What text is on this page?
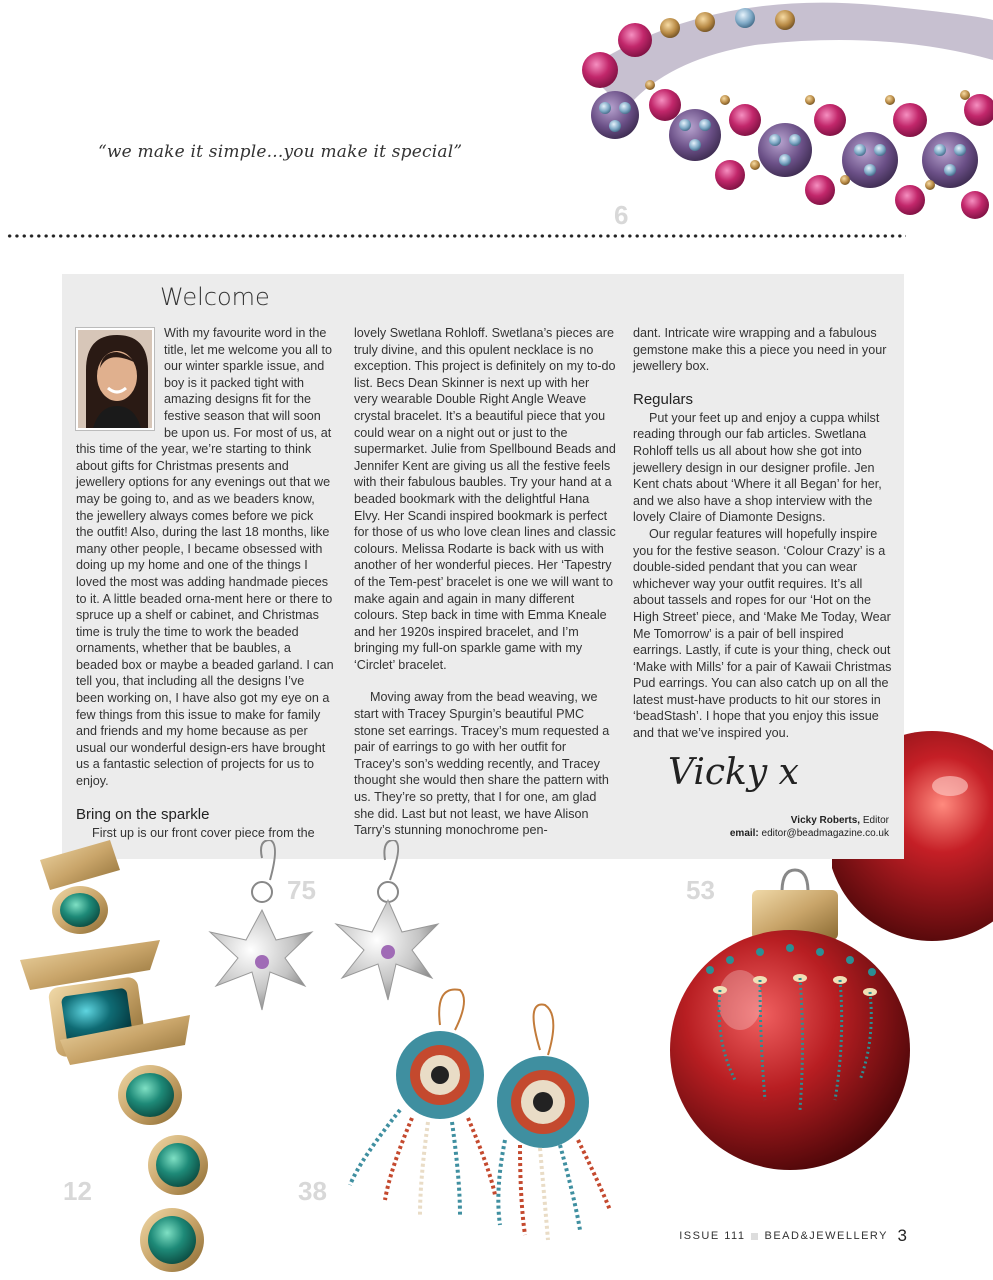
6
“we make it simple...you make it special”
Welcome

With my favourite word in the title, let me welcome you all to our winter sparkle issue, and boy is it packed tight with amazing designs fit for the festive season that will soon be upon us. For most of us, at this time of the year, we’re starting to think about gifts for Christmas presents and jewellery options for any evenings out that we may be going to, and as we beaders know, the jewellery always comes before we pick the outfit! Also, during the last 18 months, like many other people, I became obsessed with doing up my home and one of the things I loved the most was adding handmade pieces to it. A little beaded orna-ment here or there to spruce up a shelf or cabinet, and Christmas time is truly the time to work the beaded ornaments, whether that be baubles, a beaded box or maybe a beaded garland. I can tell you, that including all the designs I’ve been working on, I have also got my eye on a few things from this issue to make for family and friends and my home because as per usual our wonderful design-ers have brought us a fantastic selection of projects for us to enjoy.

Bring on the sparkle

First up is our front cover piece from the

lovely Swetlana Rohloff. Swetlana’s pieces are truly divine, and this opulent necklace is no exception. This project is definitely on my to-do list. Becs Dean Skinner is next up with her very wearable Double Right Angle Weave crystal bracelet. It’s a beautiful piece that you could wear on a night out or just to the supermarket. Julie from Spellbound Beads and Jennifer Kent are giving us all the festive feels with their fabulous baubles. Try your hand at a beaded bookmark with the delightful Hana Elvy. Her Scandi inspired bookmark is perfect for those of us who love clean lines and classic colours. Melissa Rodarte is back with us with another of her wonderful pieces. Her ‘Tapestry of the Tem-pest’ bracelet is one we will want to make again and again in many different colours. Step back in time with Emma Kneale and her 1920s inspired bracelet, and I’m bringing my full-on sparkle game with my ‘Circlet’ bracelet.

Moving away from the bead weaving, we start with Tracey Spurgin’s beautiful PMC stone set earrings. Tracey’s mum requested a pair of earrings to go with her outfit for Tracey’s son’s wedding recently, and Tracey thought she would then share the pattern with us. They’re so pretty, that I for one, am glad she did. Last but not least, we have Alison Tarry’s stunning monochrome pen-

dant. Intricate wire wrapping and a fabulous gemstone make this a piece you need in your jewellery box.

Regulars

Put your feet up and enjoy a cuppa whilst reading through our fab articles. Swetlana Rohloff tells us all about how she got into jewellery design in our designer profile. Jen Kent chats about ‘Where it all Began’ for her, and we also have a shop interview with the lovely Claire of Diamonte Designs.

Our regular features will hopefully inspire you for the festive season. ‘Colour Crazy’ is a double-sided pendant that you can wear whichever way your outfit requires. It’s all about tassels and ropes for our ‘Hot on the High Street’ piece, and ‘Make Me Today, Wear Me Tomorrow’ is a pair of bell inspired earrings. Lastly, if cute is your thing, check out ‘Make with Mills’ for a pair of Kawaii Christmas Pud earrings. You can also catch up on all the latest must-have products to hit our stores in ‘beadStash’. I hope that you enjoy this issue and that we’ve inspired you.

Vicky x
Vicky Roberts, Editor
email: editor@beadmagazine.co.uk
75	53
12	38
ISSUE 111 BEAD&JEWELLERY 3
